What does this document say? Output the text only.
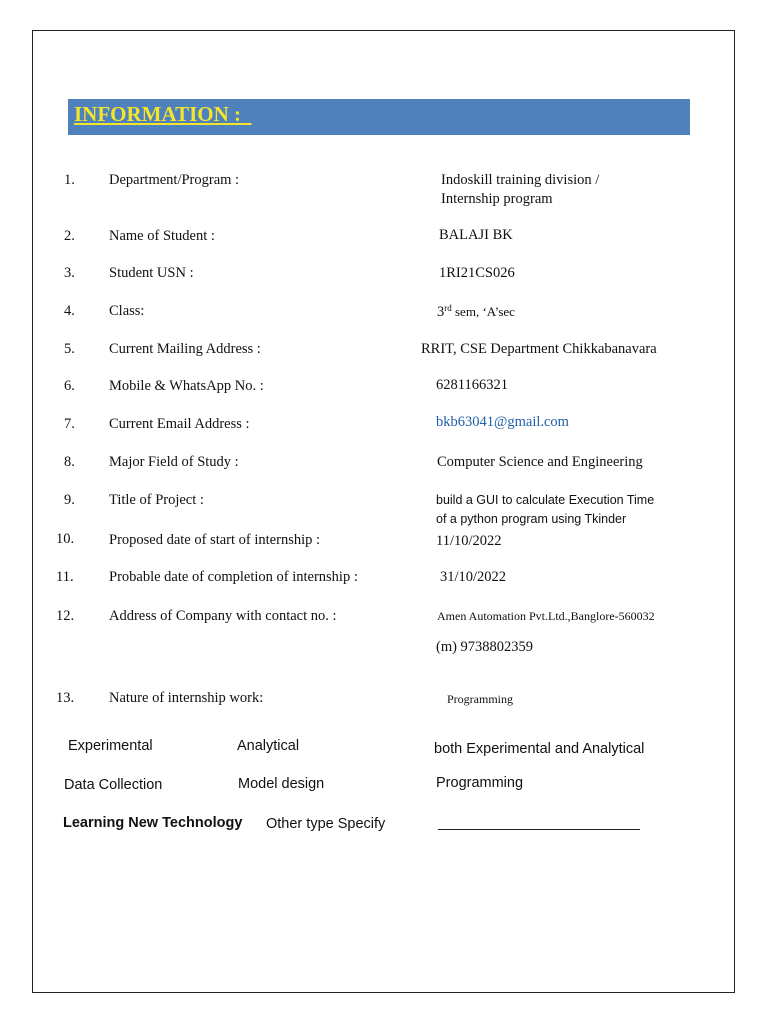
INFORMATION :
1. Department/Program :	Indoskill training division /
Internship program
2. Name of Student :	BALAJI BK
3. Student USN :	1RI21CS026
4. Class:	3rd sem, ‘A’sec
5. Current Mailing Address :	RRIT, CSE Department Chikkabanavara
6. Mobile & WhatsApp No. :	6281166321
7. Current Email Address :	bkb63041@gmail.com
8. Major Field of Study :	Computer Science and Engineering
9. Title of Project :	build a GUI to calculate Execution Time
of a python program using Tkinder
10. Proposed date of start of internship :	11/10/2022
11. Probable date of completion of internship :	31/10/2022
12. Address of Company with contact no. :	Amen Automation Pvt.Ltd.,Banglore-560032
(m) 9738802359
13. Nature of internship work:	Programming
Experimental	Analytical	both Experimental and Analytical
Data Collection	Model design	Programming
Learning New Technology Other type Specify
